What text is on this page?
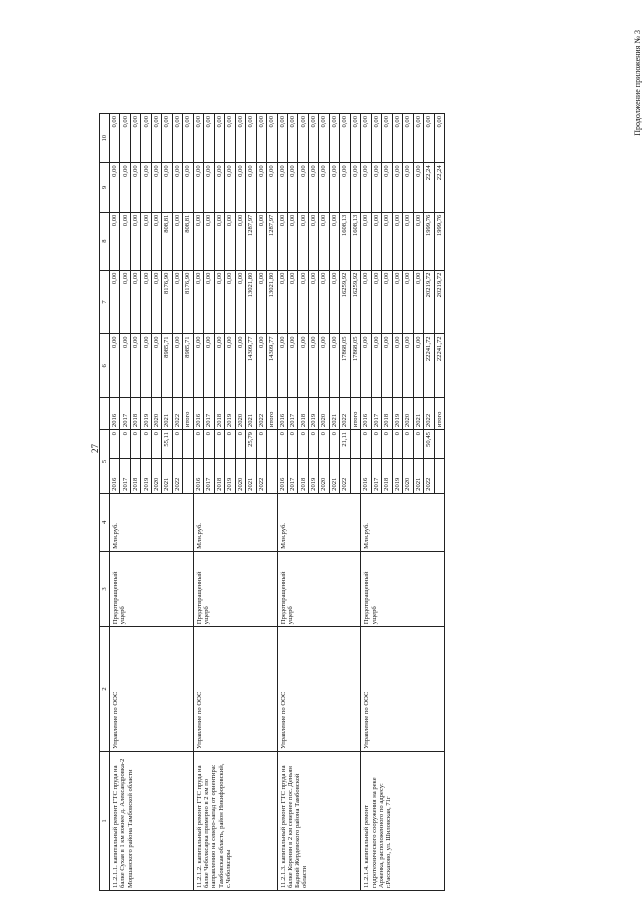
27
Продолжение приложения № 3
1	2	3	4	5			6	7	8	9	10
11.2.1.1. капитальный ремонт ГТС пруда на балке Сухая в 1 км южнее д. Александровка-2 Моршанского района Тамбовской области	Управление по ООС	Предотвращенный ущерб	Млн.руб.	2016	0	2016	0,00	0,00	0,00	0,00	0,00
				2017	0	2017	0,00	0,00	0,00	0,00	0,00
				2018	0	2018	0,00	0,00	0,00	0,00	0,00
				2019	0	2019	0,00	0,00	0,00	0,00	0,00
				2020	0	2020	0,00	0,00	0,00	0,00	0,00
				2021	55,11	2021	8985,71	8176,90	808,81	0,00	0,00
				2022	0	2022	0,00	0,00	0,00	0,00	0,00
						итого	8985,71	8176,90	808,81	0,00	0,00
11.2.1.2. капитальный ремонт ГТС пруда на балке Чеболксарка примерно в 2 км по направлению на северо-запад от ориентира: Тамбовская область, район Никифоровский, с.Чеболксары	Управление по ООС	Предотвращенный ущерб	Млн.руб.	2016	0	2016	0,00	0,00	0,00	0,00	0,00
				2017	0	2017	0,00	0,00	0,00	0,00	0,00
				2018	0	2018	0,00	0,00	0,00	0,00	0,00
				2019	0	2019	0,00	0,00	0,00	0,00	0,00
				2020	0	2020	0,00	0,00	0,00	0,00	0,00
				2021	25,79	2021	14309,77	13021,80	1287,97	0,00	0,00
				2022	0	2022	0,00	0,00	0,00	0,00	0,00
						итого	14309,77	13021,80	1287,97	0,00	0,00
11.2.1.3. капитальный ремонт ГТС пруда на балке Коренин в 2 км севернее пос. Деньян Бадний Жердевского района Тамбовской области	Управление по ООС	Предотвращенный ущерб	Млн.руб.	2016	0	2016	0,00	0,00	0,00	0,00	0,00
				2017	0	2017	0,00	0,00	0,00	0,00	0,00
				2018	0	2018	0,00	0,00	0,00	0,00	0,00
				2019	0	2019	0,00	0,00	0,00	0,00	0,00
				2020	0	2020	0,00	0,00	0,00	0,00	0,00
				2021	0	2021	0,00	0,00	0,00	0,00	0,00
				2022	21,11	2022	17868,05	16259,92	1608,13	0,00	0,00
						итого	17868,05	16259,92	1608,13	0,00	0,00
11.2.1.4. капитальный ремонт гидротехнического сооружения на реке Арженка, расположенного по адресу: г.Рассказово, ул. Шиловская, 71г	Управление по ООС	Предотвращенный ущерб	Млн.руб.	2016	0	2016	0,00	0,00	0,00	0,00	0,00
				2017	0	2017	0,00	0,00	0,00	0,00	0,00
				2018	0	2018	0,00	0,00	0,00	0,00	0,00
				2019	0	2019	0,00	0,00	0,00	0,00	0,00
				2020	0	2020	0,00	0,00	0,00	0,00	0,00
				2021	0	2021	0,00	0,00	0,00	0,00	0,00
				2022	50,45	2022	22241,72	20219,72	1999,76	22,24	0,00
						итого	22241,72	20219,72	1999,76	22,24	0,00
